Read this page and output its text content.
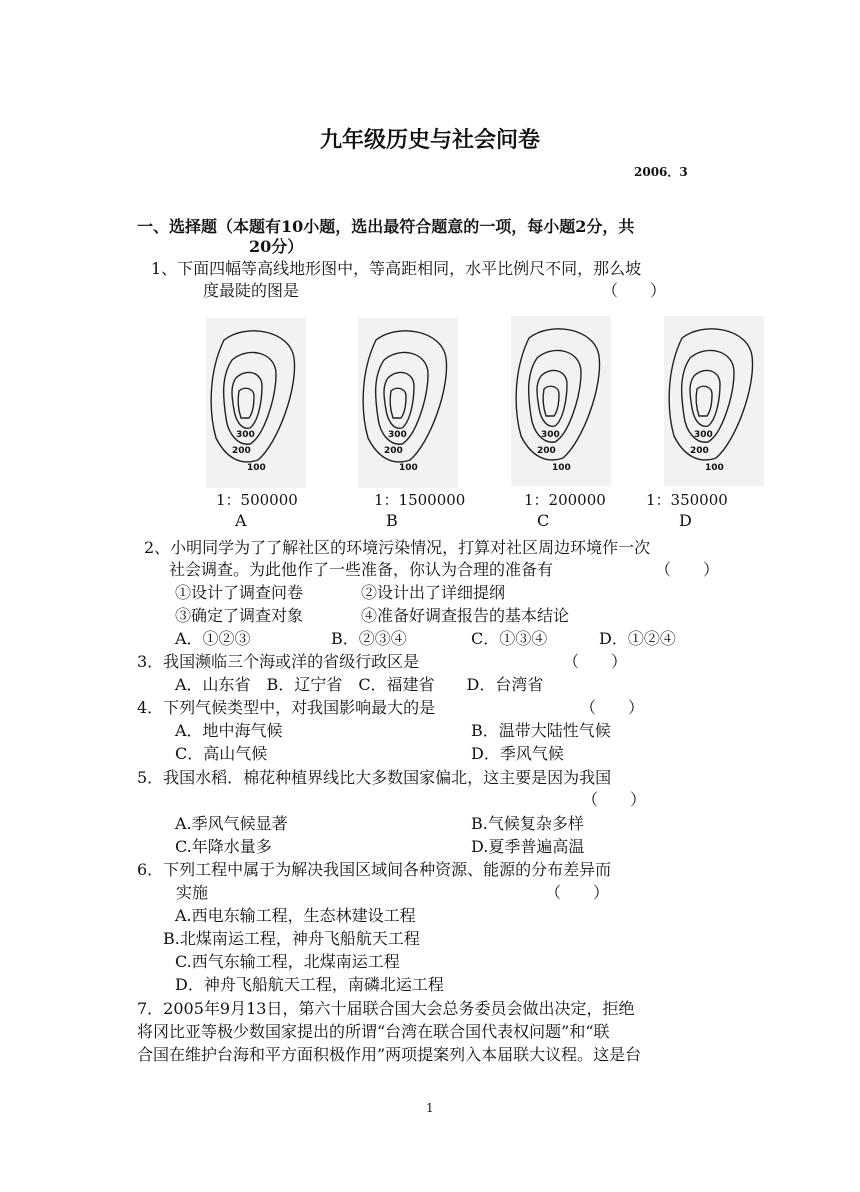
九年级历史与社会问卷
2006．3
一、选择题（本题有10小题，选出最符合题意的一项，每小题2分，共
20分）
1、下面四幅等高线地形图中，等高距相同，水平比例尺不同，那么坡
度最陡的图是	（　　）
300
200
100
300
200
100
300
200
100
300
200
100
1：500000	1：1500000	1：200000	1：350000
A	B	C	D
2、小明同学为了了解社区的环境污染情况，打算对社区周边环境作一次
社会调查。为此他作了一些准备，你认为合理的准备有	（　　）
①设计了调查问卷	②设计出了详细提纲
③确定了调查对象	④准备好调查报告的基本结论
A．①②③	B．②③④	C．①③④	D．①②④
3．我国濒临三个海或洋的省级行政区是	（　　）
A．山东省　B．辽宁省　C．福建省　　D．台湾省
4．下列气候类型中，对我国影响最大的是	（　　）
A．地中海气候	B．温带大陆性气候
C．高山气候	D．季风气候
5．我国水稻．棉花种植界线比大多数国家偏北，这主要是因为我国
（　　）
A.季风气候显著	B.气候复杂多样
C.年降水量多	D.夏季普遍高温
6．下列工程中属于为解决我国区域间各种资源、能源的分布差异而
实施	（　　）
A.西电东输工程，生态林建设工程
B.北煤南运工程，神舟飞船航天工程
C.西气东输工程，北煤南运工程
D．神舟飞船航天工程，南磷北运工程
7．2005年9月13日，第六十届联合国大会总务委员会做出决定，拒绝
将冈比亚等极少数国家提出的所谓“台湾在联合国代表权问题”和“联
合国在维护台海和平方面积极作用”两项提案列入本届联大议程。这是台
1
